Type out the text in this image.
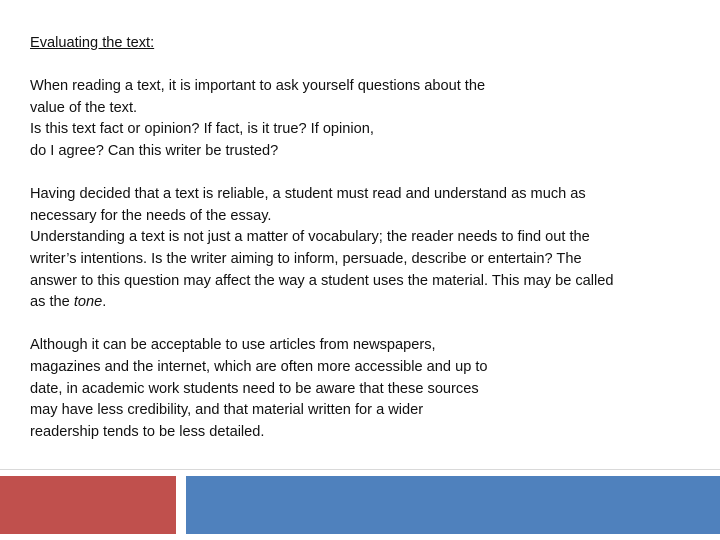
Evaluating the text:
When reading a text, it is important to ask yourself questions about the
value of the text.
Is this text fact or opinion? If fact, is it true? If opinion,
do I agree? Can this writer be trusted?
Having decided that a text is reliable, a student must read and understand as much as
necessary for the needs of the essay.
Understanding a text is not just a matter of vocabulary; the reader needs to find out the
writer’s intentions. Is the writer aiming to inform, persuade, describe or entertain? The
answer to this question may affect the way a student uses the material. This may be called
as the tone.
Although it can be acceptable to use articles from newspapers,
magazines and the internet, which are often more accessible and up to
date, in academic work students need to be aware that these sources
may have less credibility, and that material written for a wider
readership tends to be less detailed.
